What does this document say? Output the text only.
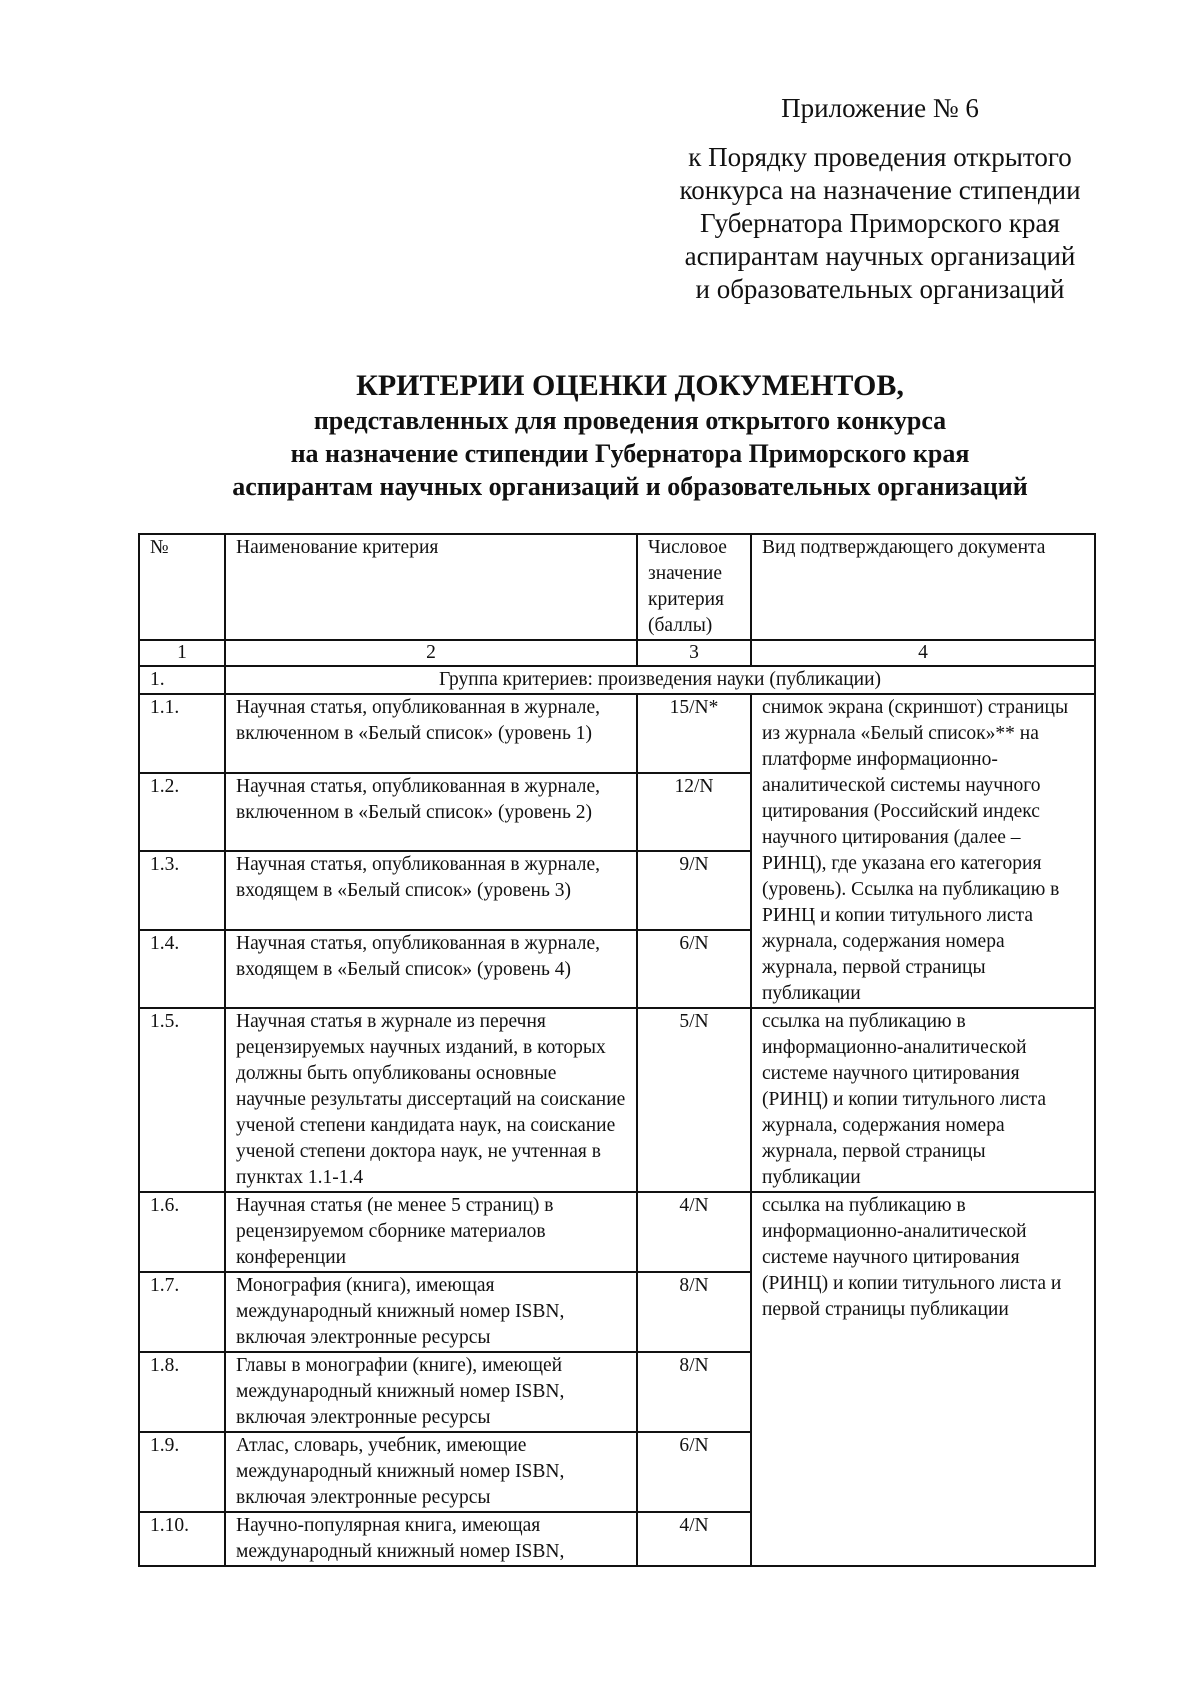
Приложение № 6
к Порядку проведения открытого
конкурса на назначение стипендии
Губернатора Приморского края
аспирантам научных организаций
и образовательных организаций
КРИТЕРИИ ОЦЕНКИ ДОКУМЕНТОВ,
представленных для проведения открытого конкурса
на назначение стипендии Губернатора Приморского края
аспирантам научных организаций и образовательных организаций
№	Наименование критерия	Числовое значение критерия (баллы)	Вид подтверждающего документа
1	2	3	4
1.	Группа критериев: произведения науки (публикации)		
1.1.	Научная статья, опубликованная в журнале, включенном в «Белый список» (уровень 1)	15/N*	снимок экрана (скриншот) страницы из журнала «Белый список»** на платформе информационно-аналитической системы научного цитирования (Российский индекс научного цитирования (далее – РИНЦ), где указана его категория (уровень). Ссылка на публикацию в РИНЦ и копии титульного листа журнала, содержания номера журнала, первой страницы публикации
1.2.	Научная статья, опубликованная в журнале, включенном в «Белый список» (уровень 2)	12/N	
1.3.	Научная статья, опубликованная в журнале, входящем в «Белый список» (уровень 3)	9/N	
1.4.	Научная статья, опубликованная в журнале, входящем в «Белый список» (уровень 4)	6/N	
1.5.	Научная статья в журнале из перечня рецензируемых научных изданий, в которых должны быть опубликованы основные научные результаты диссертаций на соискание ученой степени кандидата наук, на соискание ученой степени доктора наук, не учтенная в пунктах 1.1-1.4	5/N	ссылка на публикацию в информационно-аналитической системе научного цитирования (РИНЦ) и копии титульного листа журнала, содержания номера журнала, первой страницы публикации
1.6.	Научная статья (не менее 5 страниц) в рецензируемом сборнике материалов конференции	4/N	ссылка на публикацию в информационно-аналитической системе научного цитирования (РИНЦ) и копии титульного листа и первой страницы публикации
1.7.	Монография (книга), имеющая международный книжный номер ISBN, включая электронные ресурсы	8/N	
1.8.	Главы в монографии (книге), имеющей международный книжный номер ISBN, включая электронные ресурсы	8/N	
1.9.	Атлас, словарь, учебник, имеющие международный книжный номер ISBN, включая электронные ресурсы	6/N	
1.10.	Научно-популярная книга, имеющая международный книжный номер ISBN,	4/N	
